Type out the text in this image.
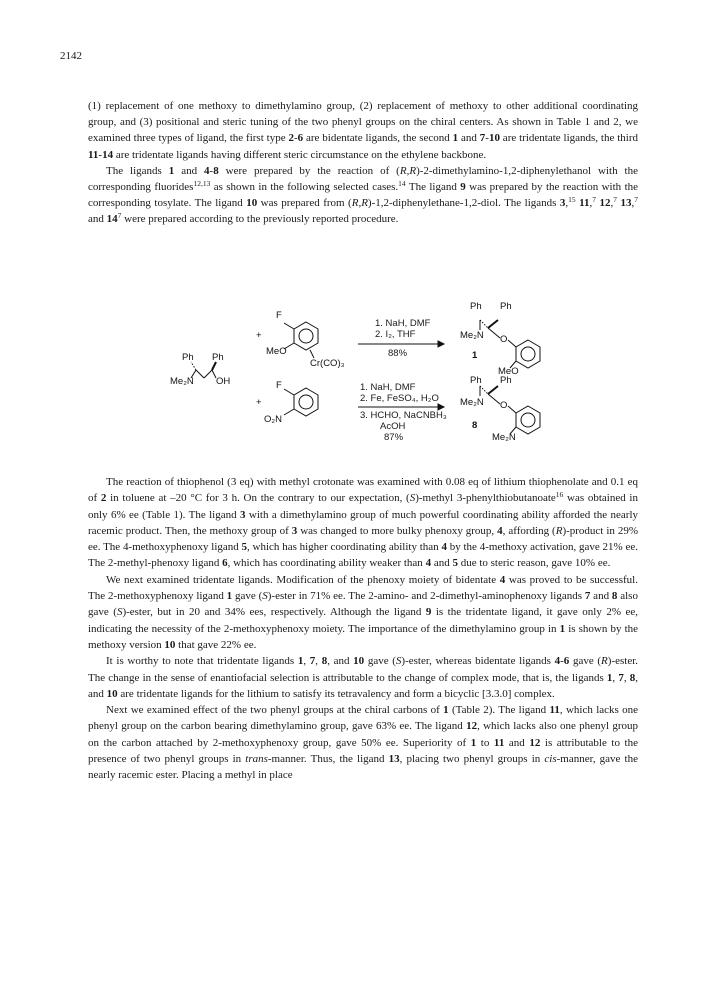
2142

(1) replacement of one methoxy to dimethylamino group, (2) replacement of methoxy to other additional coordinating group, and (3) positional and steric tuning of the two phenyl groups on the chiral centers. As shown in Table 1 and 2, we examined three types of ligand, the first type 2-6 are bidentate ligands, the second 1 and 7-10 are tridentate ligands, the third 11-14 are tridentate ligands having different steric circumstance on the ethylene backbone.

The ligands 1 and 4-8 were prepared by the reaction of (R,R)-2-dimethylamino-1,2-diphenylethanol with the corresponding fluorides$^{12,13}$ as shown in the following selected cases.$^{14}$ The ligand 9 was prepared by the reaction with the corresponding tosylate. The ligand 10 was prepared from (R,R)-1,2-diphenylethane-1,2-diol. The ligands 3,15 11,$^7$ 12,$^7$ 13,$^7$ and $14^7$ were prepared according to the previously reported procedure.

Ph Ph
Me₂N OH
F
+
MeO
Cr(CO)₃
F
+
O₂N
1. NaH, DMF
2. I₂, THF
88%
1. NaH, DMF
2. Fe, FeSO₄, H₂O
3. HCHO, NaCNBH₃
AcOH
87%
Ph Ph
Me₂N O
1
MeO
Ph Ph
Me₂N O
8
Me₂N

The reaction of thiophenol (3 eq) with methyl crotonate was examined with 0.08 eq of lithium thiophenolate and 0.1 eq of 2 in toluene at –20 °C for 3 h. On the contrary to our expectation, (S)-methyl 3-phenylthiobutanoate$^{16}$ was obtained in only 6% ee (Table 1). The ligand 3 with a dimethylamino group of much powerful coordinating ability afforded the nearly racemic product. Then, the methoxy group of 3 was changed to more bulky phenoxy group, 4, affording (R)-product in 29% ee. The 4-methoxyphenoxy ligand 5, which has higher coordinating ability than 4 by the 4-methoxy activation, gave 21% ee. The 2-methyl-phenoxy ligand 6, which has coordinating ability weaker than 4 and 5 due to steric reason, gave 10% ee.

We next examined tridentate ligands. Modification of the phenoxy moiety of bidentate 4 was proved to be successful. The 2-methoxyphenoxy ligand 1 gave (S)-ester in 71% ee. The 2-amino- and 2-dimethyl-aminophenoxy ligands 7 and 8 also gave (S)-ester, but in 20 and 34% ees, respectively. Although the ligand 9 is the tridentate ligand, it gave only 2% ee, indicating the necessity of the 2-methoxyphenoxy moiety. The importance of the dimethylamino group in 1 is shown by the methoxy version 10 that gave 22% ee.

It is worthy to note that tridentate ligands 1, 7, 8, and 10 gave (S)-ester, whereas bidentate ligands 4-6 gave (R)-ester. The change in the sense of enantiofacial selection is attributable to the change of complex mode, that is, the ligands 1, 7, 8, and 10 are tridentate ligands for the lithium to satisfy its tetravalency and form a bicyclic [3.3.0] complex.

Next we examined effect of the two phenyl groups at the chiral carbons of 1 (Table 2). The ligand 11, which lacks one phenyl group on the carbon bearing dimethylamino group, gave 63% ee. The ligand 12, which lacks also one phenyl group on the carbon attached by 2-methoxyphenoxy group, gave 50% ee. Superiority of 1 to 11 and 12 is attributable to the presence of two phenyl groups in trans-manner. Thus, the ligand 13, placing two phenyl groups in cis-manner, gave the nearly racemic ester. Placing a methyl in place
